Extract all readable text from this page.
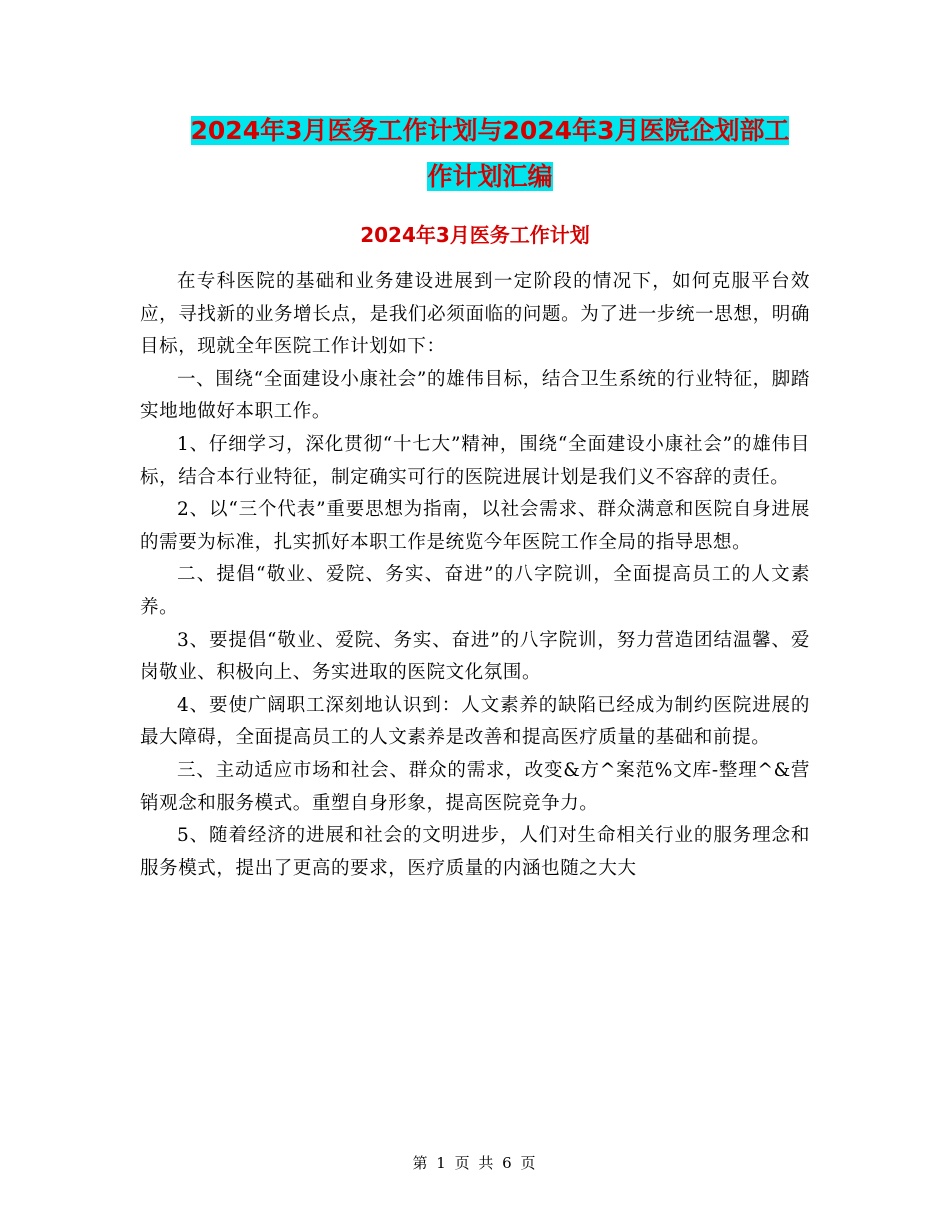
2024年3月医务工作计划与2024年3月医院企划部工
作计划汇编
2024年3月医务工作计划

在专科医院的基础和业务建设进展到一定阶段的情况下，如何克服平台效应，寻找新的业务增长点，是我们必须面临的问题。为了进一步统一思想，明确目标，现就全年医院工作计划如下：

一、围绕“全面建设小康社会”的雄伟目标，结合卫生系统的行业特征，脚踏实地地做好本职工作。

1、仔细学习，深化贯彻“十七大”精神，围绕“全面建设小康社会”的雄伟目标，结合本行业特征，制定确实可行的医院进展计划是我们义不容辞的责任。

2、以“三个代表”重要思想为指南，以社会需求、群众满意和医院自身进展的需要为标准，扎实抓好本职工作是统览今年医院工作全局的指导思想。

二、提倡“敬业、爱院、务实、奋进”的八字院训，全面提高员工的人文素养。

3、要提倡“敬业、爱院、务实、奋进”的八字院训，努力营造团结温馨、爱岗敬业、积极向上、务实进取的医院文化氛围。

4、要使广阔职工深刻地认识到：人文素养的缺陷已经成为制约医院进展的最大障碍，全面提高员工的人文素养是改善和提高医疗质量的基础和前提。

三、主动适应市场和社会、群众的需求，改变&方^案范%文库-整理^&营销观念和服务模式。重塑自身形象，提高医院竞争力。

5、随着经济的进展和社会的文明进步，人们对生命相关行业的服务理念和服务模式，提出了更高的要求，医疗质量的内涵也随之大大

第 1 页 共 6 页
